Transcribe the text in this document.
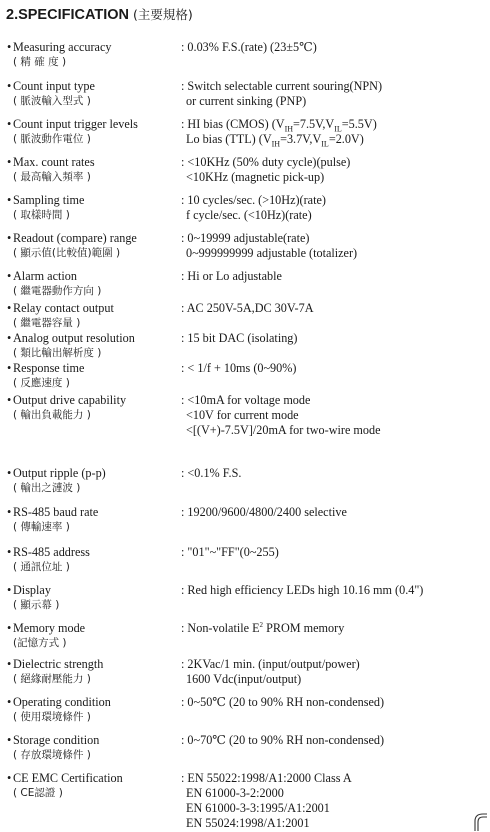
2.SPECIFICATION (主要規格)
• Measuring accuracy
( 精 確 度 )
: 0.03% F.S.(rate) (23±5℃)
• Count input type
( 脈波輸入型式 )
: Switch selectable current souring(NPN)
or current sinking (PNP)
• Count input trigger levels
( 脈波動作電位 )
: HI bias (CMOS) $(V_{IH}=7.5V,V_{IL}=5.5V)$
Lo bias (TTL) $(V_{IH}=3.7V,V_{IL}=2.0V)$
• Max. count rates
( 最高輸入頻率 )
: <10KHz (50% duty cycle)(pulse)
<10KHz (magnetic pick-up)
• Sampling time
( 取樣時間 )
: 10 cycles/sec. (>10Hz)(rate)
f cycle/sec. (<10Hz)(rate)
• Readout (compare) range
( 顯示值(比較值)範圍 )
: 0~19999 adjustable(rate)
0~999999999 adjustable (totalizer)
• Alarm action
( 繼電器動作方向 )
: Hi or Lo adjustable
• Relay contact output
( 繼電器容量 )
: AC 250V-5A,DC 30V-7A
• Analog output resolution
( 類比輸出解析度 )
: 15 bit DAC (isolating)
• Response time
( 反應速度 )
: < 1/f + 10ms (0~90%)
• Output drive capability
( 輸出負載能力 )
: <10mA for voltage mode
<10V for current mode
<[(V+)-7.5V]/20mA for two-wire mode
• Output ripple (p-p)
( 輸出之漣波 )
: <0.1% F.S.
• RS-485 baud rate
( 傳輸速率 )
: 19200/9600/4800/2400 selective
• RS-485 address
( 通訊位址 )
: "01"~"FF"(0~255)
• Display
( 顯示幕 )
: Red high efficiency LEDs high 10.16 mm (0.4")
• Memory mode
(記憶方式 )
: Non-volatile $E^2$ PROM memory
• Dielectric strength
( 絕緣耐壓能力 )
: 2KVac/1 min. (input/output/power)
1600 Vdc(input/output)
• Operating condition
( 使用環境條件 )
: 0~50℃ (20 to 90% RH non-condensed)
• Storage condition
( 存放環境條件 )
: 0~70℃ (20 to 90% RH non-condensed)
• CE EMC Certification
( CE認證 )
: EN 55022:1998/A1:2000 Class A
EN 61000-3-2:2000
EN 61000-3-3:1995/A1:2001
EN 55024:1998/A1:2001
